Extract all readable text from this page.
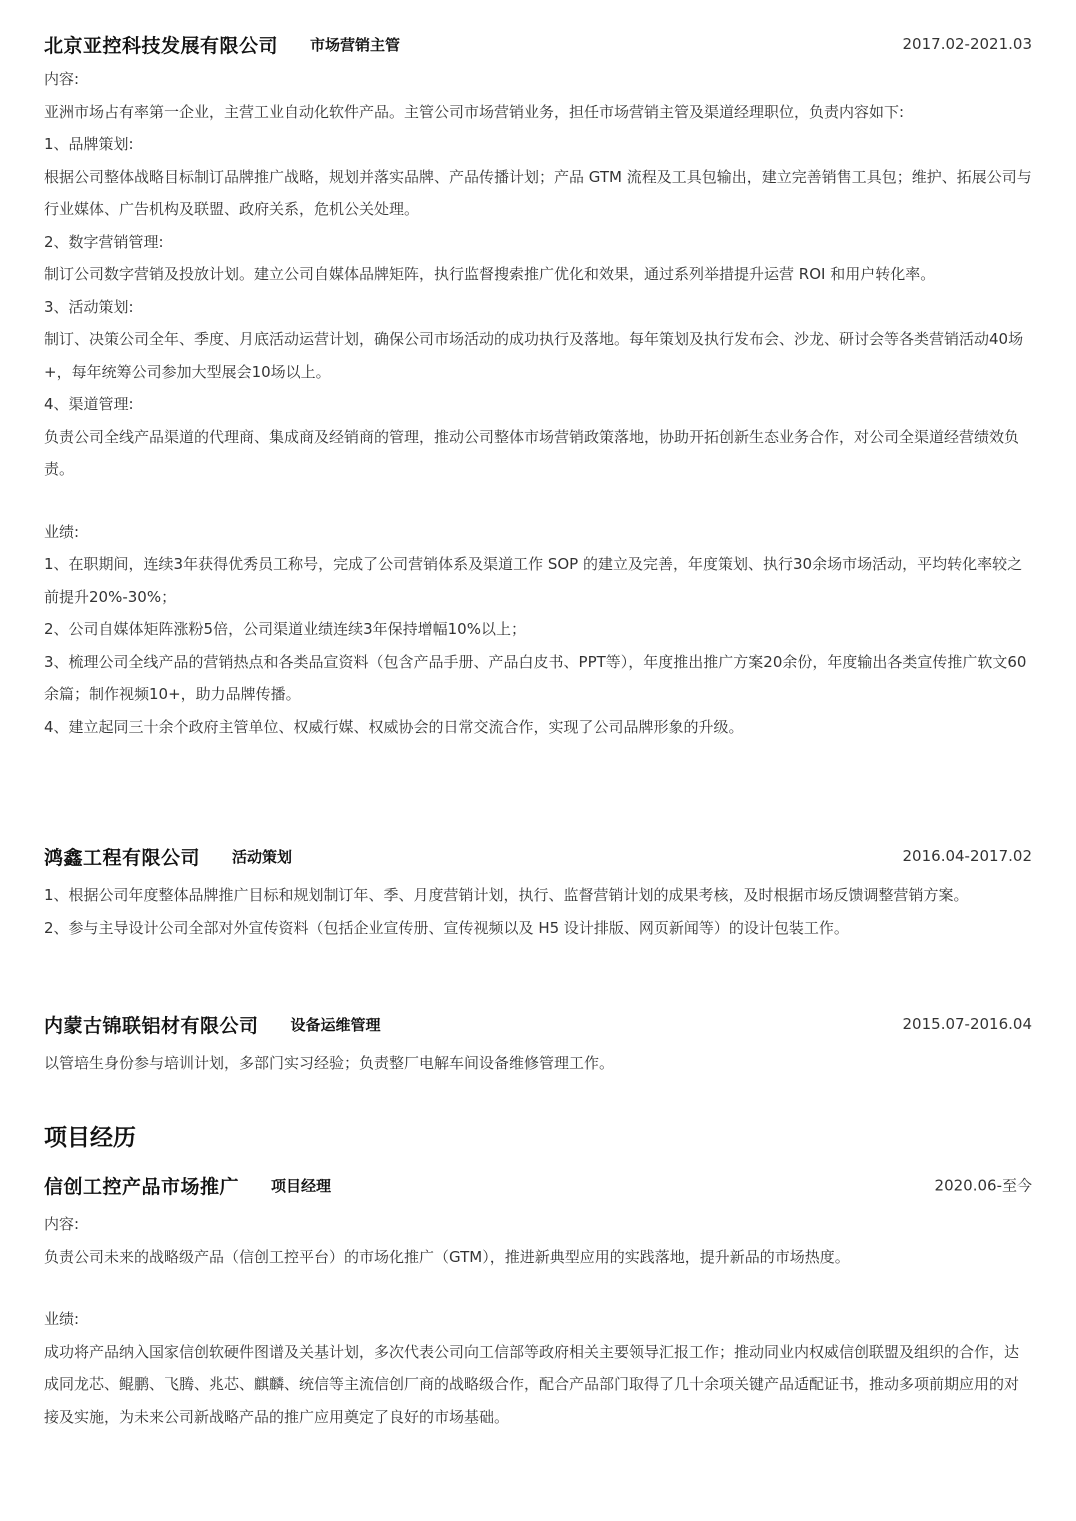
北京亚控科技发展有限公司 市场营销主管	2017.02-2021.03

内容:

亚洲市场占有率第一企业，主营工业自动化软件产品。主管公司市场营销业务，担任市场营销主管及渠道经理职位，负责内容如下:

1、品牌策划:

根据公司整体战略目标制订品牌推广战略，规划并落实品牌、产品传播计划；产品 GTM 流程及工具包输出，建立完善销售工具包；维护、拓展公司与行业媒体、广告机构及联盟、政府关系，危机公关处理。

2、数字营销管理:

制订公司数字营销及投放计划。建立公司自媒体品牌矩阵，执行监督搜索推广优化和效果，通过系列举措提升运营 ROI 和用户转化率。

3、活动策划:

制订、决策公司全年、季度、月底活动运营计划，确保公司市场活动的成功执行及落地。每年策划及执行发布会、沙龙、研讨会等各类营销活动40场+，每年统筹公司参加大型展会10场以上。

4、渠道管理:

负责公司全线产品渠道的代理商、集成商及经销商的管理，推动公司整体市场营销政策落地，协助开拓创新生态业务合作，对公司全渠道经营绩效负责。

业绩:

1、在职期间，连续3年获得优秀员工称号，完成了公司营销体系及渠道工作 SOP 的建立及完善，年度策划、执行30余场市场活动，平均转化率较之前提升20%-30%；

2、公司自媒体矩阵涨粉5倍，公司渠道业绩连续3年保持增幅10%以上；

3、梳理公司全线产品的营销热点和各类品宣资料（包含产品手册、产品白皮书、PPT等），年度推出推广方案20余份，年度输出各类宣传推广软文60余篇；制作视频10+，助力品牌传播。

4、建立起同三十余个政府主管单位、权威行媒、权威协会的日常交流合作，实现了公司品牌形象的升级。

鸿鑫工程有限公司 活动策划	2016.04-2017.02

1、根据公司年度整体品牌推广目标和规划制订年、季、月度营销计划，执行、监督营销计划的成果考核，及时根据市场反馈调整营销方案。

2、参与主导设计公司全部对外宣传资料（包括企业宣传册、宣传视频以及 H5 设计排版、网页新闻等）的设计包装工作。

内蒙古锦联铝材有限公司 设备运维管理	2015.07-2016.04

以管培生身份参与培训计划，多部门实习经验；负责整厂电解车间设备维修管理工作。

项目经历
信创工控产品市场推广 项目经理	2020.06-至今

内容:

负责公司未来的战略级产品（信创工控平台）的市场化推广（GTM），推进新典型应用的实践落地，提升新品的市场热度。

业绩:

成功将产品纳入国家信创软硬件图谱及关基计划，多次代表公司向工信部等政府相关主要领导汇报工作；推动同业内权威信创联盟及组织的合作，达成同龙芯、鲲鹏、飞腾、兆芯、麒麟、统信等主流信创厂商的战略级合作，配合产品部门取得了几十余项关键产品适配证书，推动多项前期应用的对接及实施，为未来公司新战略产品的推广应用奠定了良好的市场基础。
